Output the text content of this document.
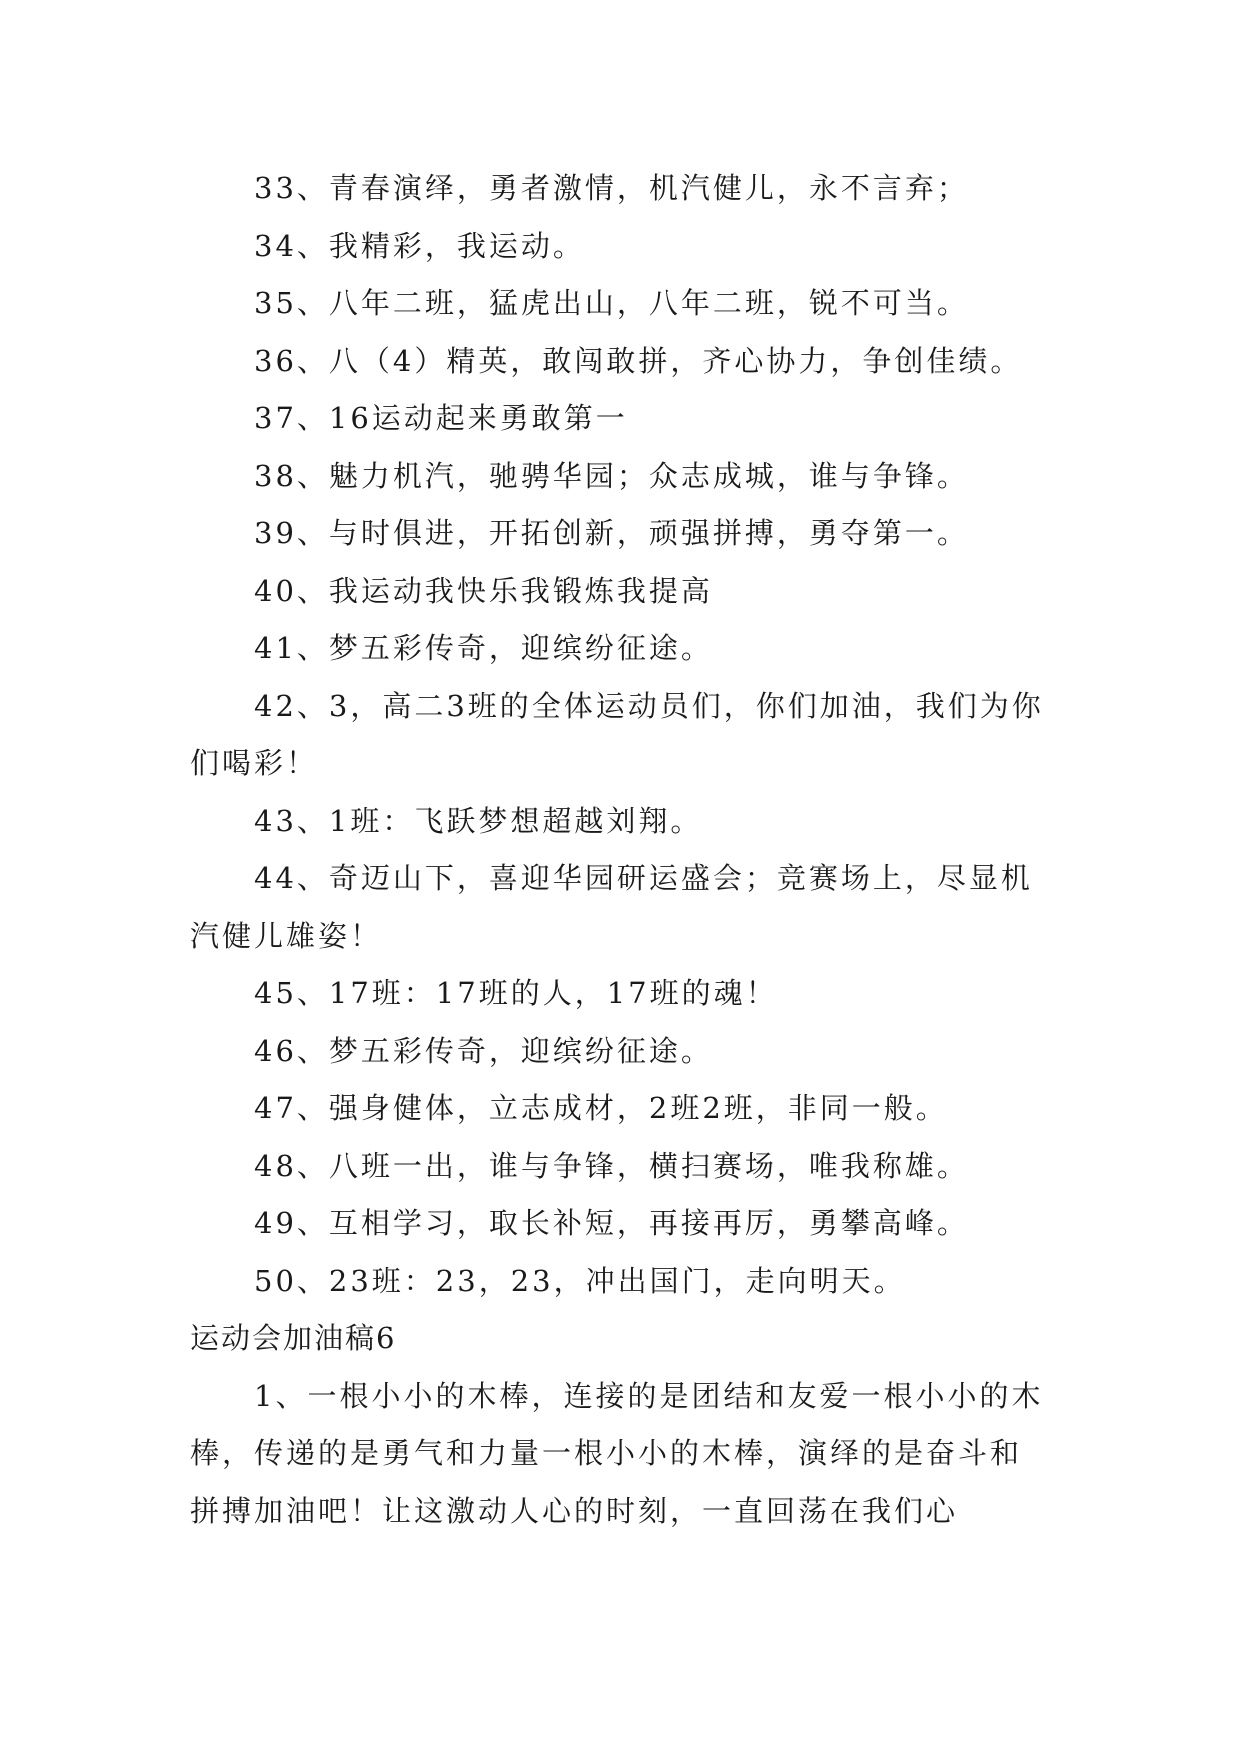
33、青春演绎，勇者激情，机汽健儿，永不言弃；

34、我精彩，我运动。

35、八年二班，猛虎出山，八年二班，锐不可当。

36、八（4）精英，敢闯敢拼，齐心协力，争创佳绩。

37、16运动起来勇敢第一

38、魅力机汽，驰骋华园；众志成城，谁与争锋。

39、与时俱进，开拓创新，顽强拼搏，勇夺第一。

40、我运动我快乐我锻炼我提高

41、梦五彩传奇，迎缤纷征途。

42、3，高二3班的全体运动员们，你们加油，我们为你们喝彩！

43、1班：飞跃梦想超越刘翔。

44、奇迈山下，喜迎华园研运盛会；竞赛场上，尽显机汽健儿雄姿！

45、17班：17班的人，17班的魂！

46、梦五彩传奇，迎缤纷征途。

47、强身健体，立志成材，2班2班，非同一般。

48、八班一出，谁与争锋，横扫赛场，唯我称雄。

49、互相学习，取长补短，再接再厉，勇攀高峰。

50、23班：23，23，冲出国门，走向明天。

运动会加油稿6

1、一根小小的木棒，连接的是团结和友爱一根小小的木棒，传递的是勇气和力量一根小小的木棒，演绎的是奋斗和拼搏加油吧！让这激动人心的时刻，一直回荡在我们心
